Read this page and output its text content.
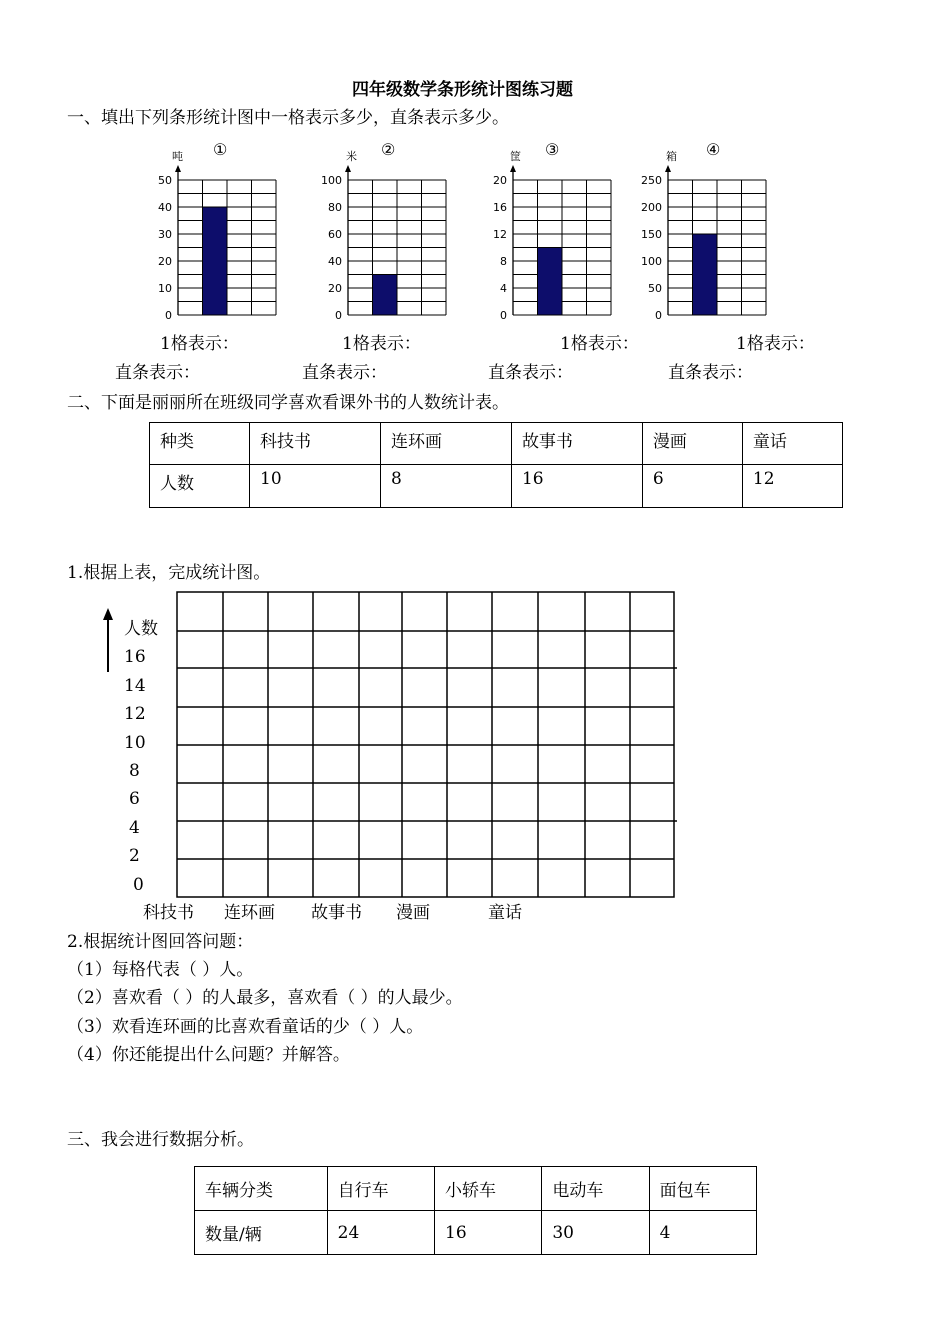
四年级数学条形统计图练习题
一、填出下列条形统计图中一格表示多少，直条表示多少。
吨 ①
50
40
30
20
10
0
米 ②
100
80
60
40
20
0
筐 ③
20
16
12
8
4
0
箱 ④
250
200
150
100
50
0
1格表示：	1格表示：	1格表示：	1格表示：
直条表示：	直条表示：	直条表示：	直条表示：
二、下面是丽丽所在班级同学喜欢看课外书的人数统计表。
种类	科技书	连环画	故事书	漫画	童话
人数	10	8	16	6	12
1.根据上表，完成统计图。
人数
16
14
12
10
8
6
4
2
0
科技书 连环画 故事书 漫画	童话
2.根据统计图回答问题：
（1）每格代表（ ）人。
（2）喜欢看（ ）的人最多，喜欢看（ ）的人最少。
（3）欢看连环画的比喜欢看童话的少（ ）人。
（4）你还能提出什么问题？并解答。
三、我会进行数据分析。
车辆分类	自行车	小轿车	电动车	面包车
数量/辆	24	16	30	4
